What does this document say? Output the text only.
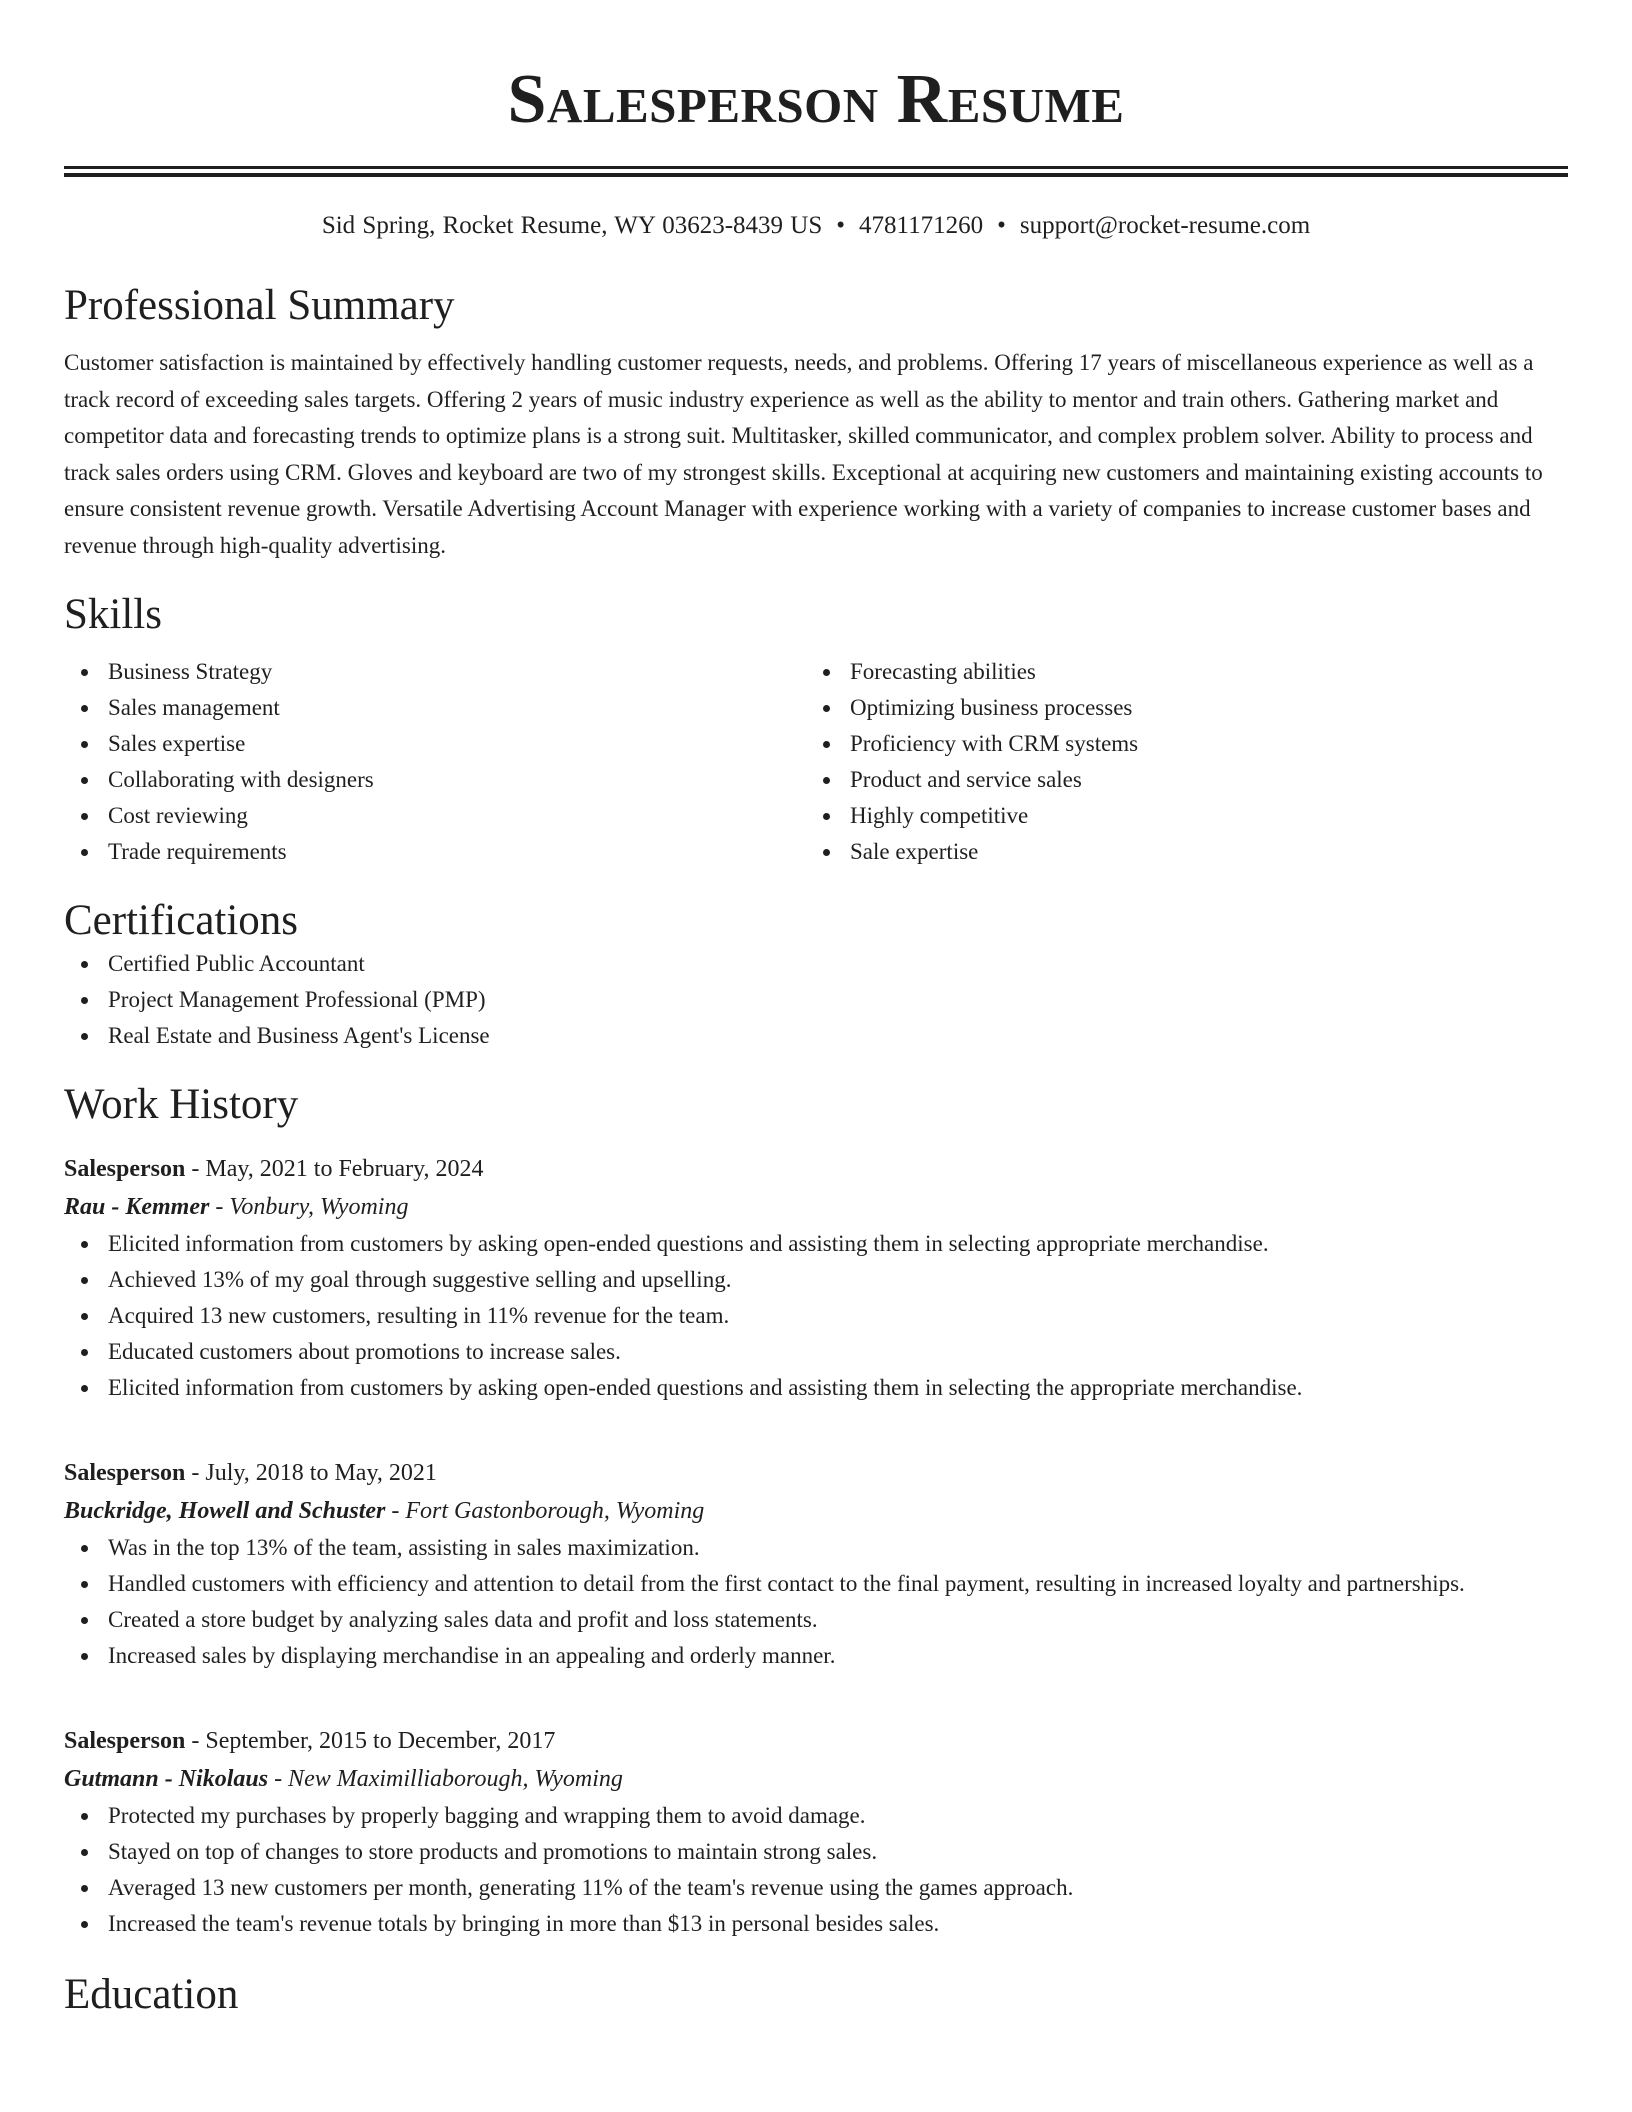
Salesperson Resume
Sid Spring, Rocket Resume, WY 03623-8439 US • 4781171260 • support@rocket-resume.com
Professional Summary

Customer satisfaction is maintained by effectively handling customer requests, needs, and problems. Offering 17 years of miscellaneous experience as well as a track record of exceeding sales targets. Offering 2 years of music industry experience as well as the ability to mentor and train others. Gathering market and competitor data and forecasting trends to optimize plans is a strong suit. Multitasker, skilled communicator, and complex problem solver. Ability to process and track sales orders using CRM. Gloves and keyboard are two of my strongest skills. Exceptional at acquiring new customers and maintaining existing accounts to ensure consistent revenue growth. Versatile Advertising Account Manager with experience working with a variety of companies to increase customer bases and revenue through high-quality advertising.

Skills
Business Strategy
Sales management
Sales expertise
Collaborating with designers
Cost reviewing
Trade requirements
Forecasting abilities
Optimizing business processes
Proficiency with CRM systems
Product and service sales
Highly competitive
Sale expertise
Certifications
Certified Public Accountant
Project Management Professional (PMP)
Real Estate and Business Agent's License
Work History
Salesperson - May, 2021 to February, 2024
Rau - Kemmer - Vonbury, Wyoming
Elicited information from customers by asking open-ended questions and assisting them in selecting appropriate merchandise.
Achieved 13% of my goal through suggestive selling and upselling.
Acquired 13 new customers, resulting in 11% revenue for the team.
Educated customers about promotions to increase sales.
Elicited information from customers by asking open-ended questions and assisting them in selecting the appropriate merchandise.
Salesperson - July, 2018 to May, 2021
Buckridge, Howell and Schuster - Fort Gastonborough, Wyoming
Was in the top 13% of the team, assisting in sales maximization.
Handled customers with efficiency and attention to detail from the first contact to the final payment, resulting in increased loyalty and partnerships.
Created a store budget by analyzing sales data and profit and loss statements.
Increased sales by displaying merchandise in an appealing and orderly manner.
Salesperson - September, 2015 to December, 2017
Gutmann - Nikolaus - New Maximilliaborough, Wyoming
Protected my purchases by properly bagging and wrapping them to avoid damage.
Stayed on top of changes to store products and promotions to maintain strong sales.
Averaged 13 new customers per month, generating 11% of the team's revenue using the games approach.
Increased the team's revenue totals by bringing in more than $13 in personal besides sales.
Education
